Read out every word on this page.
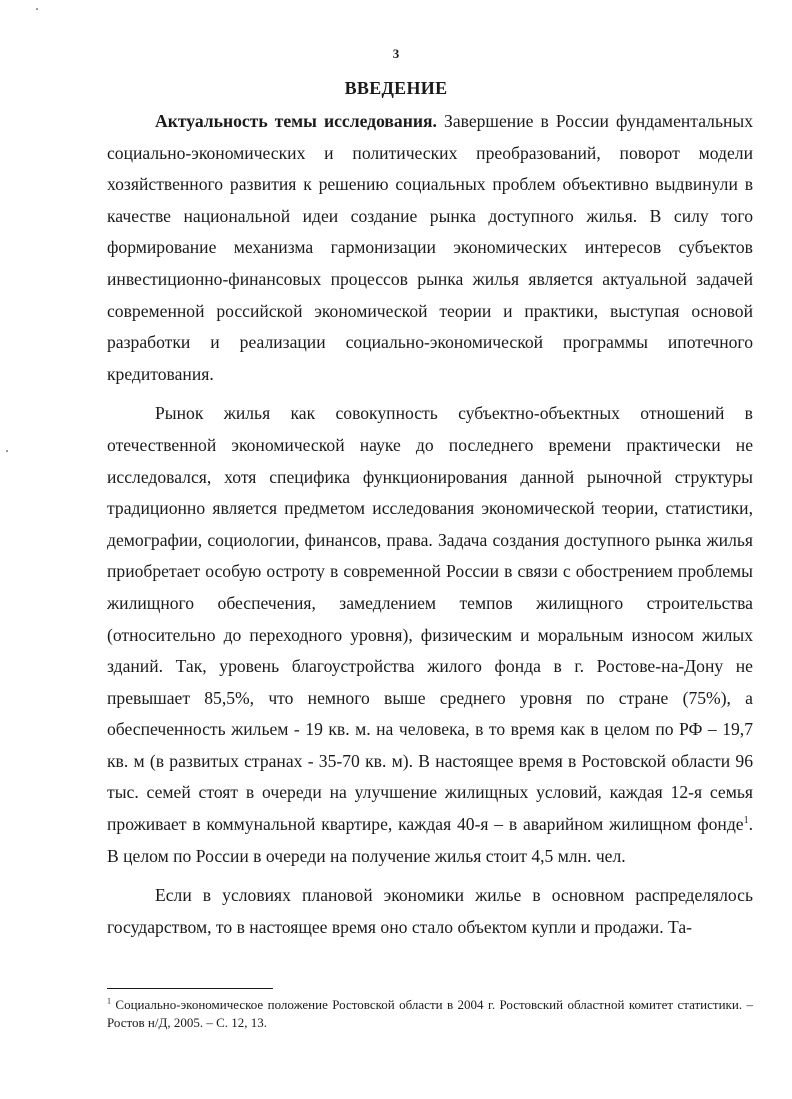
3
ВВЕДЕНИЕ

Актуальность темы исследования. Завершение в России фундаментальных социально-экономических и политических преобразований, поворот модели хозяйственного развития к решению социальных проблем объективно выдвинули в качестве национальной идеи создание рынка доступного жилья. В силу того формирование механизма гармонизации экономических интересов субъектов инвестиционно-финансовых процессов рынка жилья является актуальной задачей современной российской экономической теории и практики, выступая основой разработки и реализации социально-экономической программы ипотечного кредитования.

Рынок жилья как совокупность субъектно-объектных отношений в отечественной экономической науке до последнего времени практически не исследовался, хотя специфика функционирования данной рыночной структуры традиционно является предметом исследования экономической теории, статистики, демографии, социологии, финансов, права. Задача создания доступного рынка жилья приобретает особую остроту в современной России в связи с обострением проблемы жилищного обеспечения, замедлением темпов жилищного строительства (относительно до переходного уровня), физическим и моральным износом жилых зданий. Так, уровень благоустройства жилого фонда в г. Ростове-на-Дону не превышает 85,5%, что немного выше среднего уровня по стране (75%), а обеспеченность жильем - 19 кв. м. на человека, в то время как в целом по РФ – 19,7 кв. м (в развитых странах - 35-70 кв. м). В настоящее время в Ростовской области 96 тыс. семей стоят в очереди на улучшение жилищных условий, каждая 12-я семья проживает в коммунальной квартире, каждая 40-я – в аварийном жилищном фонде$^1$. В целом по России в очереди на получение жилья стоит 4,5 млн. чел.

Если в условиях плановой экономики жилье в основном распределялось государством, то в настоящее время оно стало объектом купли и продажи. Та-

$^1$ Социально-экономическое положение Ростовской области в 2004 г. Ростовский областной комитет статистики. – Ростов н/Д, 2005. – С. 12, 13.
